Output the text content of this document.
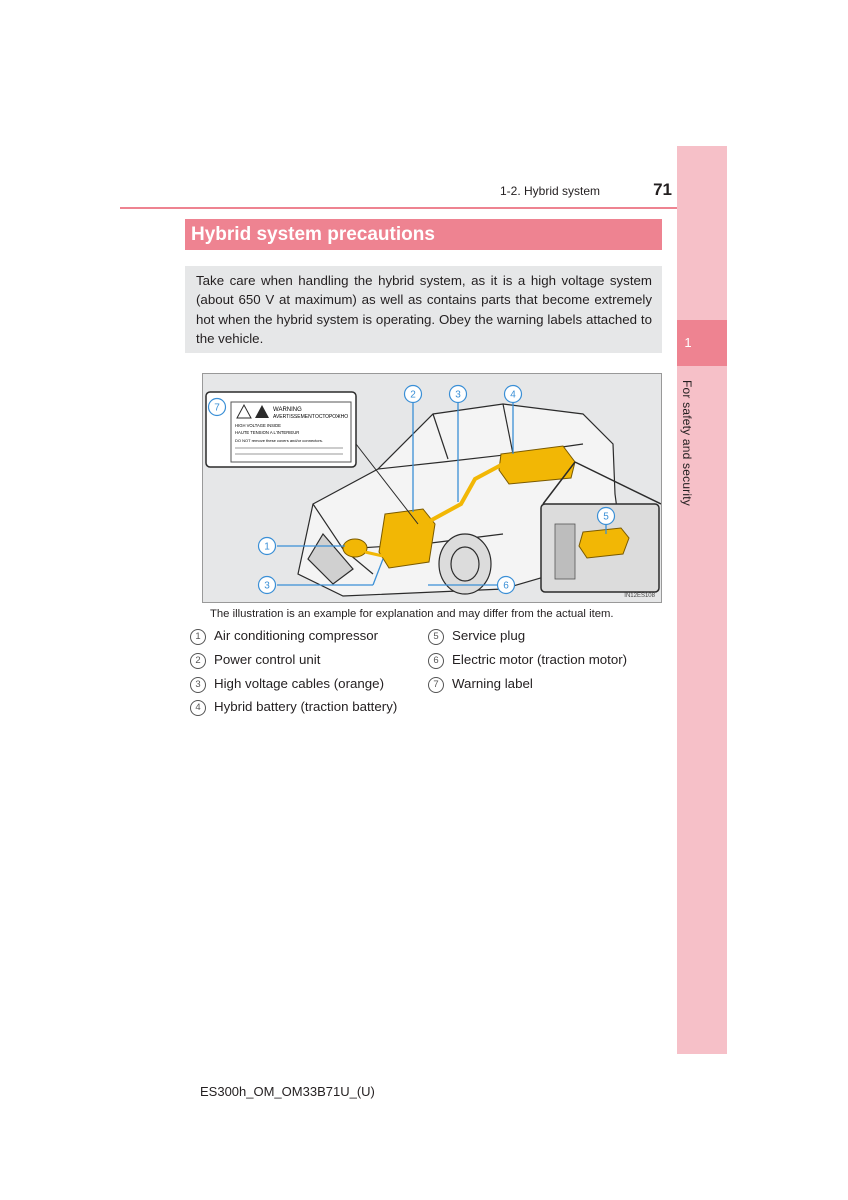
1
For safety and security
1-2. Hybrid system	71
Hybrid system precautions
Take care when handling the hybrid system, as it is a high voltage system (about 650 V at maximum) as well as contains parts that become extremely hot when the hybrid system is operating. Obey the warning labels attached to the vehicle.
WARNING
AVERTISSEMENT ОСТОРОЖНО
HIGH VOLTAGE INSIDE
HAUTE TENSION A L'INTERIEUR
DO NOT remove these covers and/or connectors.
1
2	3
3
4
5
6
7
IN12ES108
The illustration is an example for explanation and may differ from the actual item.
1 Air conditioning compressor
2 Power control unit
3 High voltage cables (orange)
4 Hybrid battery (traction battery)
5 Service plug
6 Electric motor (traction motor)
7 Warning label
ES300h_OM_OM33B71U_(U)
